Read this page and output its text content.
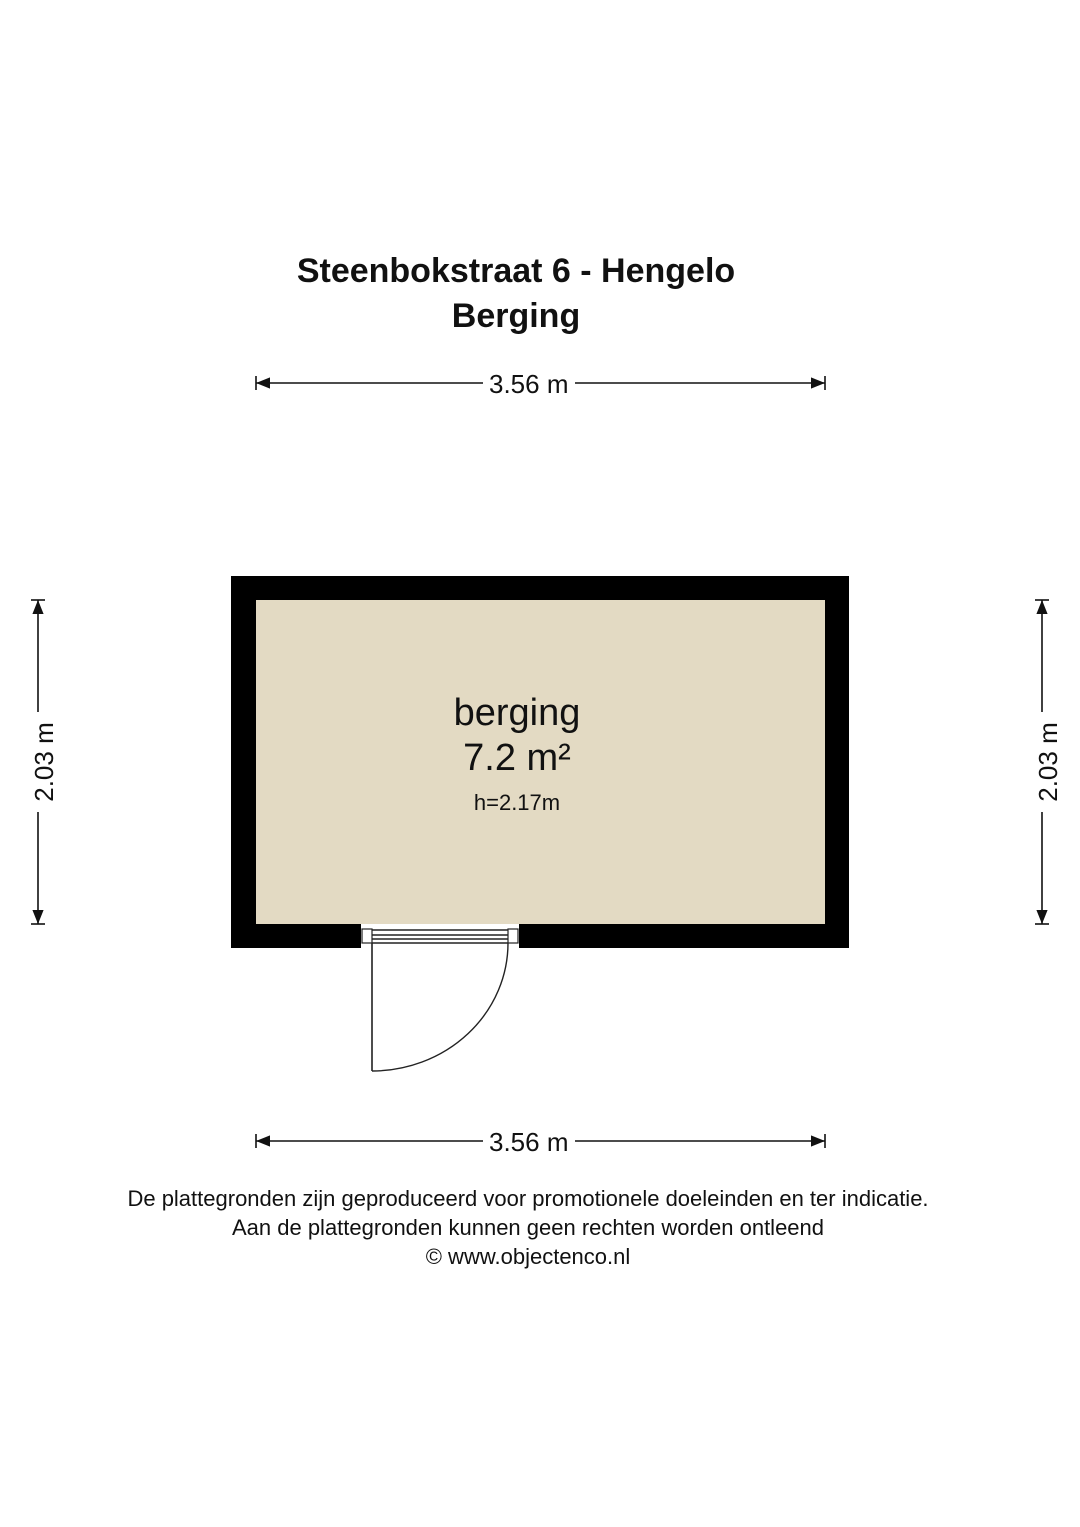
Steenbokstraat 6 - Hengelo
Berging
3.56 m
3.56 m
2.03 m	2.03 m
berging
7.2 m²
h=2.17m
De plattegronden zijn geproduceerd voor promotionele doeleinden en ter indicatie.
Aan de plattegronden kunnen geen rechten worden ontleend
© www.objectenco.nl
